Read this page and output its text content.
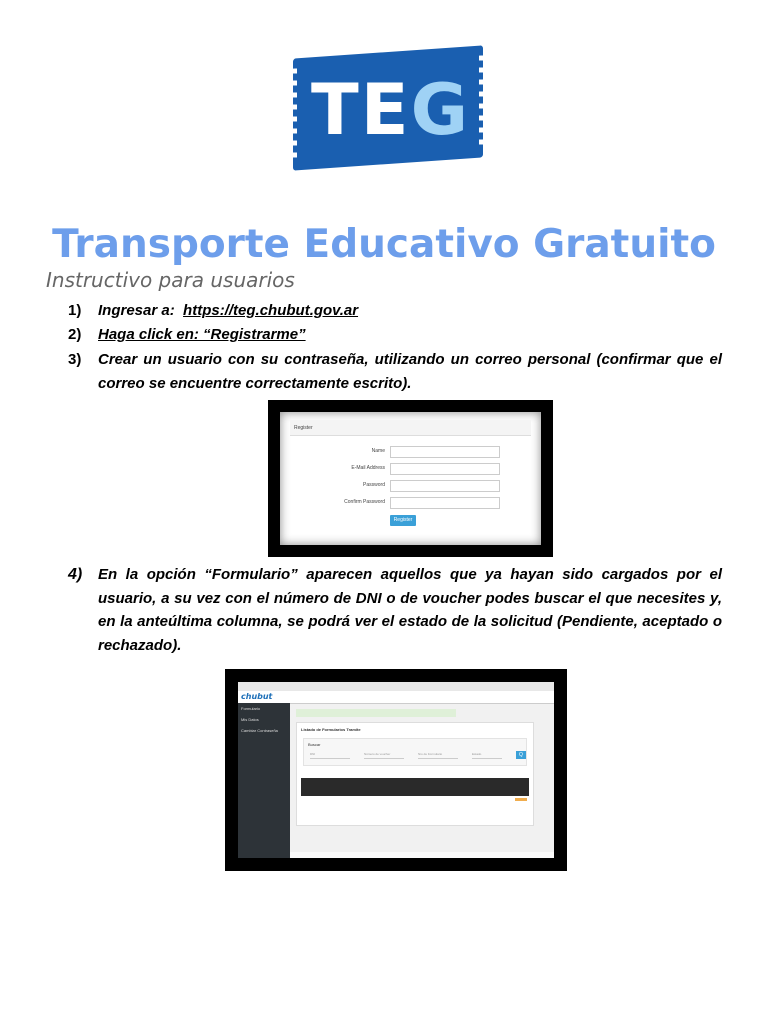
TEG
Transporte Educativo Gratuito
Instructivo para usuarios
1) Ingresar a: https://teg.chubut.gov.ar
2) Haga click en: “Registrarme”
3) Crear un usuario con su contraseña, utilizando un correo personal (confirmar que el correo se encuentre correctamente escrito).
Register
Name
E-Mail Address
Password
Confirm Password
Register
4) En la opción “Formulario” aparecen aquellos que ya hayan sido cargados por el usuario, a su vez con el número de DNI o de voucher podes buscar el que necesites y, en la anteúltima columna, se podrá ver el estado de la solicitud (Pendiente, aceptado o rechazado).
chubut
Formulario
Mis Datos
Cambiar Contraseña	Listado de Formularios Tramite
Buscar
DNI	Número de voucher	Nro de Formulario	Estado	Q
